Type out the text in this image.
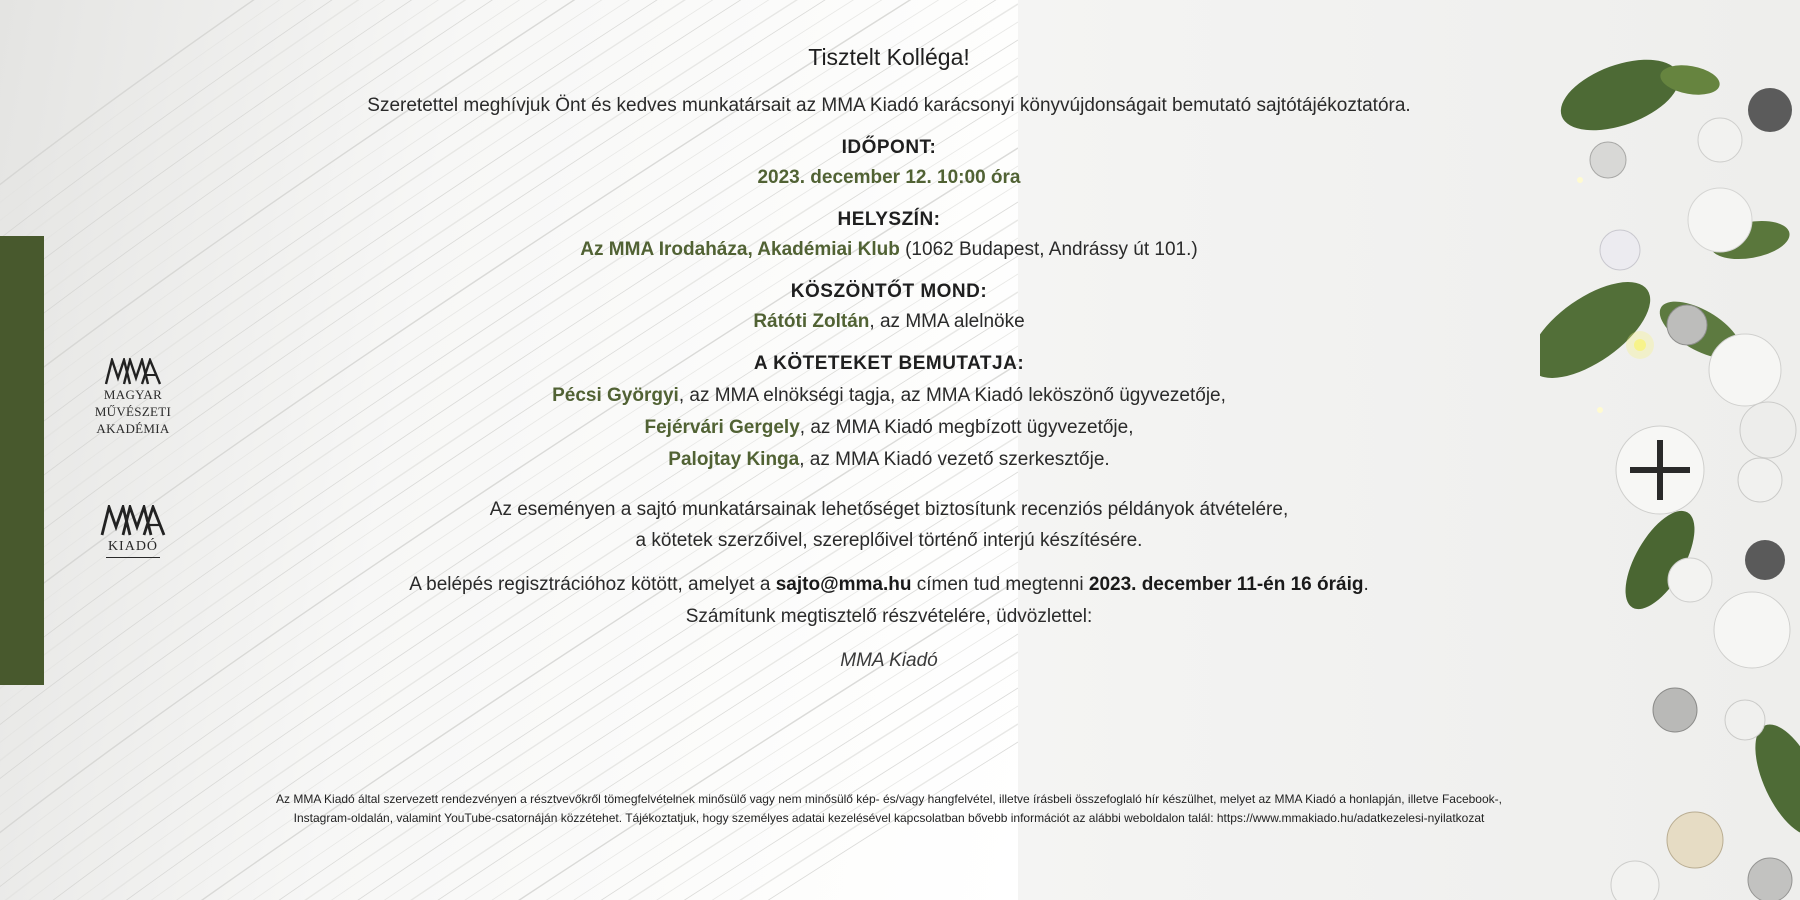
MAGYAR
MŰVÉSZETI
AKADÉMIA
KIADÓ

Tisztelt Kolléga!

Szeretettel meghívjuk Önt és kedves munkatársait az MMA Kiadó karácsonyi könyvújdonságait bemutató sajtótájékoztatóra.

IDŐPONT:

2023. december 12. 10:00 óra

HELYSZÍN:

Az MMA Irodaháza, Akadémiai Klub (1062 Budapest, Andrássy út 101.)

KÖSZÖNTŐT MOND:

Rátóti Zoltán, az MMA alelnöke

A KÖTETEKET BEMUTATJA:

Pécsi Györgyi, az MMA elnökségi tagja, az MMA Kiadó leköszönő ügyvezetője,
Fejérvári Gergely, az MMA Kiadó megbízott ügyvezetője,
Palojtay Kinga, az MMA Kiadó vezető szerkesztője.

Az eseményen a sajtó munkatársainak lehetőséget biztosítunk recenziós példányok átvételére,
a kötetek szerzőivel, szereplőivel történő interjú készítésére.

A belépés regisztrációhoz kötött, amelyet a sajto@mma.hu címen tud megtenni 2023. december 11-én 16 óráig.

Számítunk megtisztelő részvételére, üdvözlettel:

MMA Kiadó

Az MMA Kiadó által szervezett rendezvényen a résztvevőkről tömegfelvételnek minősülő vagy nem minősülő kép- és/vagy hangfelvétel, illetve írásbeli összefoglaló hír készülhet, melyet az MMA Kiadó a honlapján, illetve Facebook-,
Instagram-oldalán, valamint YouTube-csatornáján közzétehet. Tájékoztatjuk, hogy személyes adatai kezelésével kapcsolatban bővebb információt az alábbi weboldalon talál: https://www.mmakiado.hu/adatkezelesi-nyilatkozat
